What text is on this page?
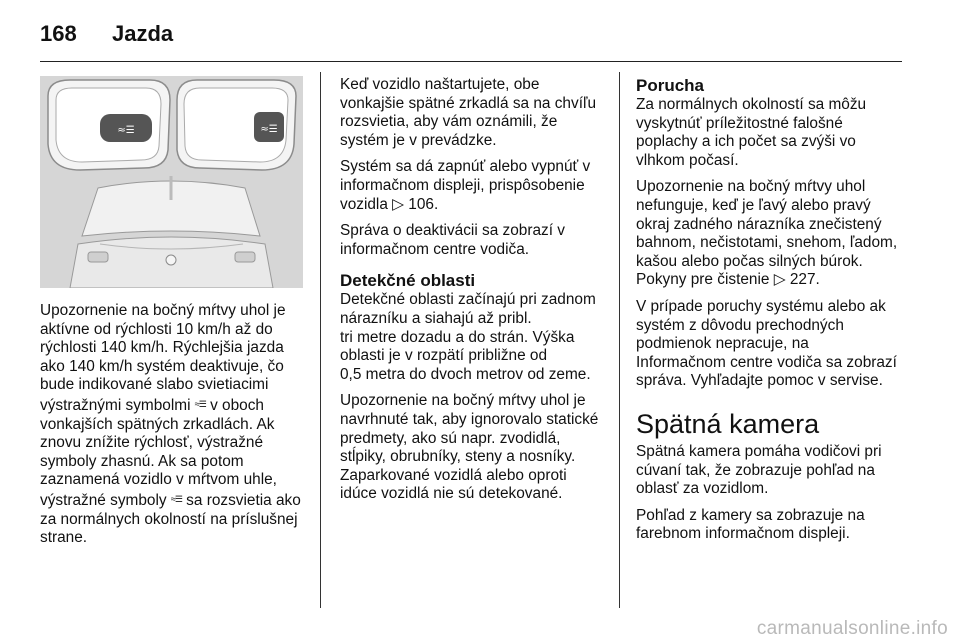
168	Jazda
≈☰	≈☰

Upozornenie na bočný mŕtvy uhol je aktívne od rýchlosti 10 km/h až do rýchlosti 140 km/h. Rýchlejšia jazda ako 140 km/h systém deaktivuje, čo bude indikované slabo svietiacimi výstražnými symbolmi ≈☰ v oboch vonkajších spätných zrkadlách. Ak znovu znížite rýchlosť, výstražné symboly zhasnú. Ak sa potom zaznamená vozidlo v mŕtvom uhle, výstražné symboly ≈☰ sa rozsvietia ako za normálnych okolností na príslušnej strane.

Keď vozidlo naštartujete, obe vonkajšie spätné zrkadlá sa na chvíľu rozsvietia, aby vám oznámili, že systém je v prevádzke.

Systém sa dá zapnúť alebo vypnúť v informačnom displeji, prispôsobenie vozidla ▷ 106.

Správa o deaktivácii sa zobrazí v informačnom centre vodiča.

Detekčné oblasti

Detekčné oblasti začínajú pri zadnom nárazníku a siahajú až pribl.

tri metre dozadu a do strán. Výška oblasti je v rozpätí približne od

0,5 metra do dvoch metrov od zeme.

Upozornenie na bočný mŕtvy uhol je navrhnuté tak, aby ignorovalo statické predmety, ako sú napr. zvodidlá, stĺpiky, obrubníky, steny a nosníky. Zaparkované vozidlá alebo oproti idúce vozidlá nie sú detekované.

Porucha

Za normálnych okolností sa môžu vyskytnúť príležitostné falošné poplachy a ich počet sa zvýši vo vlhkom počasí.

Upozornenie na bočný mŕtvy uhol nefunguje, keď je ľavý alebo pravý okraj zadného nárazníka znečistený bahnom, nečistotami, snehom, ľadom, kašou alebo počas silných búrok. Pokyny pre čistenie ▷ 227.

V prípade poruchy systému alebo ak systém z dôvodu prechodných podmienok nepracuje, na Informačnom centre vodiča sa zobrazí správa. Vyhľadajte pomoc v servise.

Spätná kamera

Spätná kamera pomáha vodičovi pri cúvaní tak, že zobrazuje pohľad na oblasť za vozidlom.

Pohľad z kamery sa zobrazuje na farebnom informačnom displeji.

carmanualsonline.info
